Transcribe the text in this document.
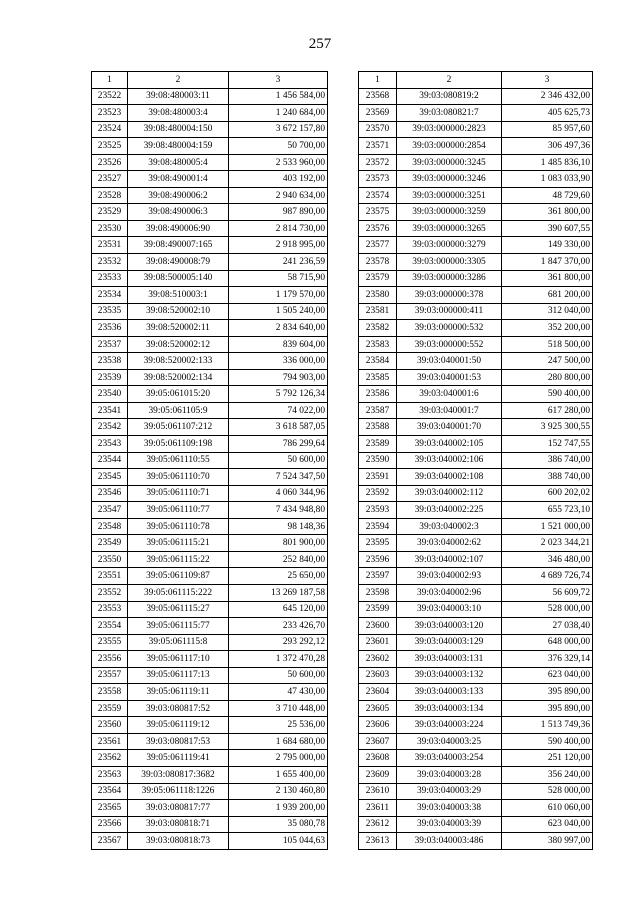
257
1	2	3
23522	39:08:480003:11	1 456 584,00
23523	39:08:480003:4	1 240 684,00
23524	39:08:480004:150	3 672 157,80
23525	39:08:480004:159	50 700,00
23526	39:08:480005:4	2 533 960,00
23527	39:08:490001:4	403 192,00
23528	39:08:490006:2	2 940 634,00
23529	39:08:490006:3	987 890,00
23530	39:08:490006:90	2 814 730,00
23531	39:08:490007:165	2 918 995,00
23532	39:08:490008:79	241 236,59
23533	39:08:500005:140	58 715,90
23534	39:08:510003:1	1 179 570,00
23535	39:08:520002:10	1 505 240,00
23536	39:08:520002:11	2 834 640,00
23537	39:08:520002:12	839 604,00
23538	39:08:520002:133	336 000,00
23539	39:08:520002:134	794 903,00
23540	39:05:061015:20	5 792 126,34
23541	39:05:061105:9	74 022,00
23542	39:05:061107:212	3 618 587,05
23543	39:05:061109:198	786 299,64
23544	39:05:061110:55	50 600,00
23545	39:05:061110:70	7 524 347,50
23546	39:05:061110:71	4 060 344,96
23547	39:05:061110:77	7 434 948,80
23548	39:05:061110:78	98 148,36
23549	39:05:061115:21	801 900,00
23550	39:05:061115:22	252 840,00
23551	39:05:061109:87	25 650,00
23552	39:05:061115:222	13 269 187,58
23553	39:05:061115:27	645 120,00
23554	39:05:061115:77	233 426,70
23555	39:05:061115:8	293 292,12
23556	39:05:061117:10	1 372 470,28
23557	39:05:061117:13	50 600,00
23558	39:05:061119:11	47 430,00
23559	39:03:080817:52	3 710 448,00
23560	39:05:061119:12	25 536,00
23561	39:03:080817:53	1 684 680,00
23562	39:05:061119:41	2 795 000,00
23563	39:03:080817:3682	1 655 400,00
23564	39:05:061118:1226	2 130 460,80
23565	39:03:080817:77	1 939 200,00
23566	39:03:080818:71	35 080,78
23567	39:03:080818:73	105 044,63
1	2	3
23568	39:03:080819:2	2 346 432,00
23569	39:03:080821:7	405 625,73
23570	39:03:000000:2823	85 957,60
23571	39:03:000000:2854	306 497,36
23572	39:03:000000:3245	1 485 836,10
23573	39:03:000000:3246	1 083 033,90
23574	39:03:000000:3251	48 729,60
23575	39:03:000000:3259	361 800,00
23576	39:03:000000:3265	390 607,55
23577	39:03:000000:3279	149 330,00
23578	39:03:000000:3305	1 847 370,00
23579	39:03:000000:3286	361 800,00
23580	39:03:000000:378	681 200,00
23581	39:03:000000:411	312 040,00
23582	39:03:000000:532	352 200,00
23583	39:03:000000:552	518 500,00
23584	39:03:040001:50	247 500,00
23585	39:03:040001:53	280 800,00
23586	39:03:040001:6	590 400,00
23587	39:03:040001:7	617 280,00
23588	39:03:040001:70	3 925 300,55
23589	39:03:040002:105	152 747,55
23590	39:03:040002:106	386 740,00
23591	39:03:040002:108	388 740,00
23592	39:03:040002:112	600 202,02
23593	39:03:040002:225	655 723,10
23594	39:03:040002:3	1 521 000,00
23595	39:03:040002:62	2 023 344,21
23596	39:03:040002:107	346 480,00
23597	39:03:040002:93	4 689 726,74
23598	39:03:040002:96	56 609,72
23599	39:03:040003:10	528 000,00
23600	39:03:040003:120	27 038,40
23601	39:03:040003:129	648 000,00
23602	39:03:040003:131	376 329,14
23603	39:03:040003:132	623 040,00
23604	39:03:040003:133	395 890,00
23605	39:03:040003:134	395 890,00
23606	39:03:040003:224	1 513 749,36
23607	39:03:040003:25	590 400,00
23608	39:03:040003:254	251 120,00
23609	39:03:040003:28	356 240,00
23610	39:03:040003:29	528 000,00
23611	39:03:040003:38	610 060,00
23612	39:03:040003:39	623 040,00
23613	39:03:040003:486	380 997,00
